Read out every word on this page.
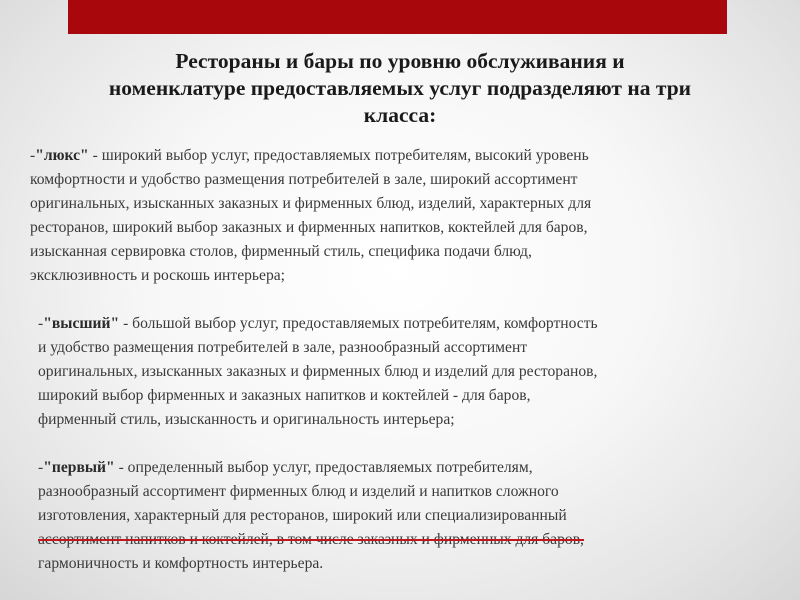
Рестораны и бары по уровню обслуживания и
номенклатуре предоставляемых услуг подразделяют на три
класса:
-"люкс" - широкий выбор услуг, предоставляемых потребителям, высокий уровень
комфортности и удобство размещения потребителей в зале, широкий ассортимент
оригинальных, изысканных заказных и фирменных блюд, изделий, характерных для
ресторанов, широкий выбор заказных и фирменных напитков, коктейлей для баров,
изысканная сервировка столов, фирменный стиль, специфика подачи блюд,
эксклюзивность и роскошь интерьера;
-"высший" - большой выбор услуг, предоставляемых потребителям, комфортность
и удобство размещения потребителей в зале, разнообразный ассортимент
оригинальных, изысканных заказных и фирменных блюд и изделий для ресторанов,
широкий выбор фирменных и заказных напитков и коктейлей - для баров,
фирменный стиль, изысканность и оригинальность интерьера;
-"первый" - определенный выбор услуг, предоставляемых потребителям,
разнообразный ассортимент фирменных блюд и изделий и напитков сложного
изготовления, характерный для ресторанов, широкий или специализированный
ассортимент напитков и коктейлей, в том числе заказных и фирменных для баров,
гармоничность и комфортность интерьера.
